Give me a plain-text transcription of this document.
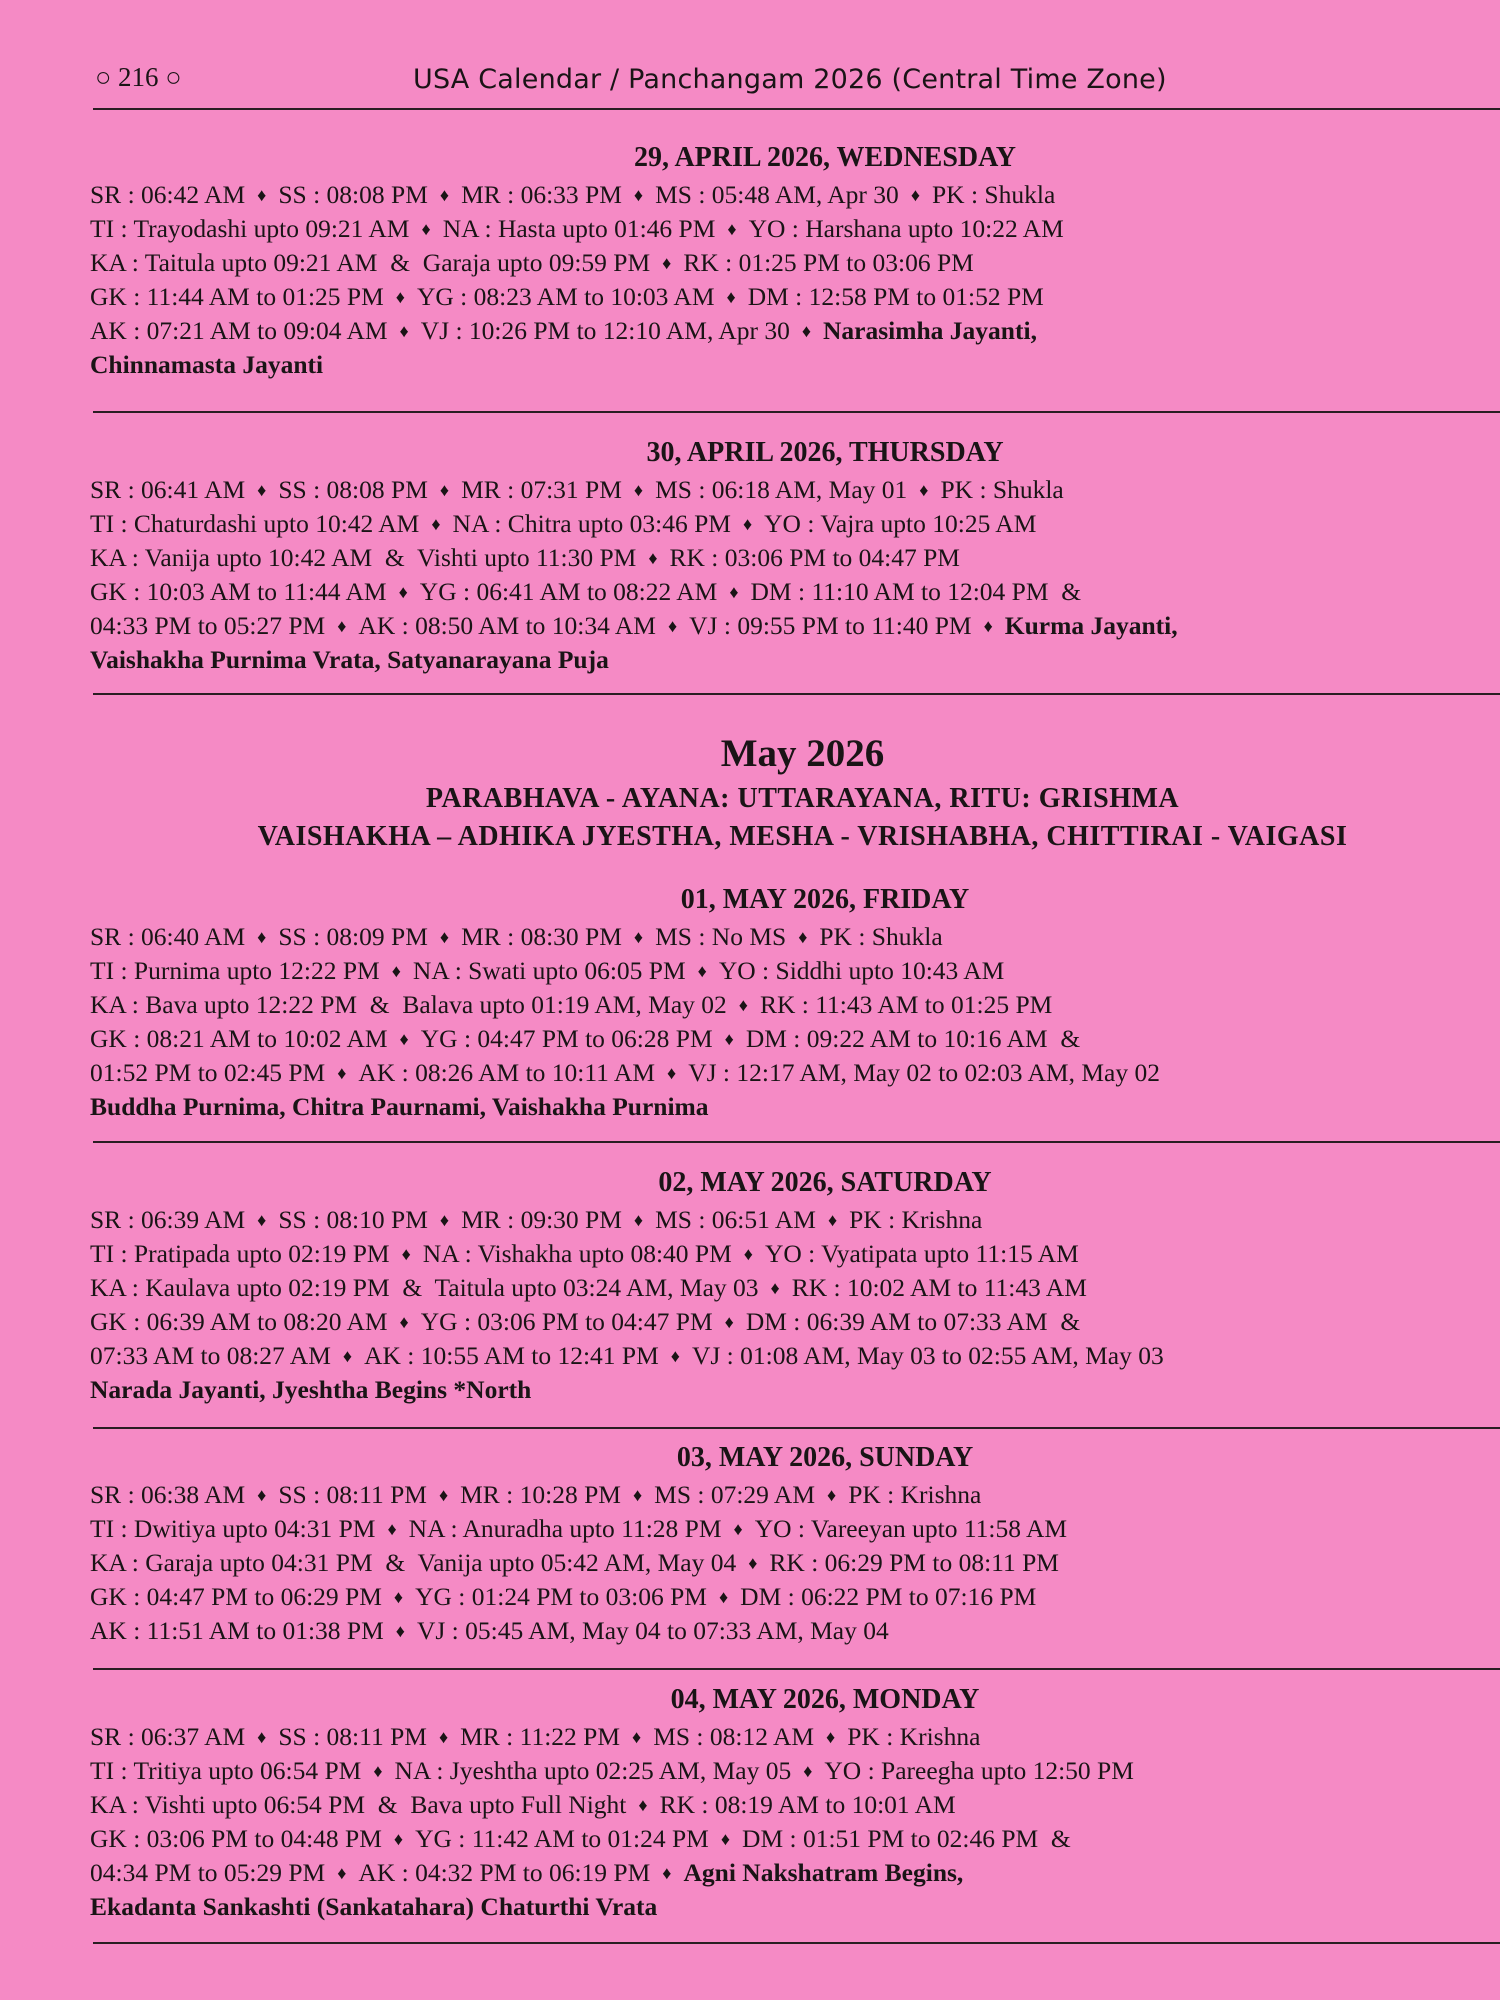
○ 216 ○	USA Calendar / Panchangam 2026 (Central Time Zone)
29, APRIL 2026, WEDNESDAY
SR : 06:42 AM ♦ SS : 08:08 PM ♦ MR : 06:33 PM ♦ MS : 05:48 AM, Apr 30 ♦ PK : Shukla
TI : Trayodashi upto 09:21 AM ♦ NA : Hasta upto 01:46 PM ♦ YO : Harshana upto 10:22 AM
KA : Taitula upto 09:21 AM  &  Garaja upto 09:59 PM ♦ RK : 01:25 PM to 03:06 PM
GK : 11:44 AM to 01:25 PM ♦ YG : 08:23 AM to 10:03 AM ♦ DM : 12:58 PM to 01:52 PM
AK : 07:21 AM to 09:04 AM ♦ VJ : 10:26 PM to 12:10 AM, Apr 30 ♦ Narasimha Jayanti,
Chinnamasta Jayanti
30, APRIL 2026, THURSDAY
SR : 06:41 AM ♦ SS : 08:08 PM ♦ MR : 07:31 PM ♦ MS : 06:18 AM, May 01 ♦ PK : Shukla
TI : Chaturdashi upto 10:42 AM ♦ NA : Chitra upto 03:46 PM ♦ YO : Vajra upto 10:25 AM
KA : Vanija upto 10:42 AM  &  Vishti upto 11:30 PM ♦ RK : 03:06 PM to 04:47 PM
GK : 10:03 AM to 11:44 AM ♦ YG : 06:41 AM to 08:22 AM ♦ DM : 11:10 AM to 12:04 PM  &
04:33 PM to 05:27 PM ♦ AK : 08:50 AM to 10:34 AM ♦ VJ : 09:55 PM to 11:40 PM ♦ Kurma Jayanti,
Vaishakha Purnima Vrata, Satyanarayana Puja
May 2026
PARABHAVA - AYANA: UTTARAYANA, RITU: GRISHMA
VAISHAKHA – ADHIKA JYESTHA, MESHA - VRISHABHA, CHITTIRAI - VAIGASI
01, MAY 2026, FRIDAY
SR : 06:40 AM ♦ SS : 08:09 PM ♦ MR : 08:30 PM ♦ MS : No MS ♦ PK : Shukla
TI : Purnima upto 12:22 PM ♦ NA : Swati upto 06:05 PM ♦ YO : Siddhi upto 10:43 AM
KA : Bava upto 12:22 PM  &  Balava upto 01:19 AM, May 02 ♦ RK : 11:43 AM to 01:25 PM
GK : 08:21 AM to 10:02 AM ♦ YG : 04:47 PM to 06:28 PM ♦ DM : 09:22 AM to 10:16 AM  &
01:52 PM to 02:45 PM ♦ AK : 08:26 AM to 10:11 AM ♦ VJ : 12:17 AM, May 02 to 02:03 AM, May 02
Buddha Purnima, Chitra Paurnami, Vaishakha Purnima
02, MAY 2026, SATURDAY
SR : 06:39 AM ♦ SS : 08:10 PM ♦ MR : 09:30 PM ♦ MS : 06:51 AM ♦ PK : Krishna
TI : Pratipada upto 02:19 PM ♦ NA : Vishakha upto 08:40 PM ♦ YO : Vyatipata upto 11:15 AM
KA : Kaulava upto 02:19 PM  &  Taitula upto 03:24 AM, May 03 ♦ RK : 10:02 AM to 11:43 AM
GK : 06:39 AM to 08:20 AM ♦ YG : 03:06 PM to 04:47 PM ♦ DM : 06:39 AM to 07:33 AM  &
07:33 AM to 08:27 AM ♦ AK : 10:55 AM to 12:41 PM ♦ VJ : 01:08 AM, May 03 to 02:55 AM, May 03
Narada Jayanti, Jyeshtha Begins *North
03, MAY 2026, SUNDAY
SR : 06:38 AM ♦ SS : 08:11 PM ♦ MR : 10:28 PM ♦ MS : 07:29 AM ♦ PK : Krishna
TI : Dwitiya upto 04:31 PM ♦ NA : Anuradha upto 11:28 PM ♦ YO : Vareeyan upto 11:58 AM
KA : Garaja upto 04:31 PM  &  Vanija upto 05:42 AM, May 04 ♦ RK : 06:29 PM to 08:11 PM
GK : 04:47 PM to 06:29 PM ♦ YG : 01:24 PM to 03:06 PM ♦ DM : 06:22 PM to 07:16 PM
AK : 11:51 AM to 01:38 PM ♦ VJ : 05:45 AM, May 04 to 07:33 AM, May 04
04, MAY 2026, MONDAY
SR : 06:37 AM ♦ SS : 08:11 PM ♦ MR : 11:22 PM ♦ MS : 08:12 AM ♦ PK : Krishna
TI : Tritiya upto 06:54 PM ♦ NA : Jyeshtha upto 02:25 AM, May 05 ♦ YO : Pareegha upto 12:50 PM
KA : Vishti upto 06:54 PM  &  Bava upto Full Night ♦ RK : 08:19 AM to 10:01 AM
GK : 03:06 PM to 04:48 PM ♦ YG : 11:42 AM to 01:24 PM ♦ DM : 01:51 PM to 02:46 PM  &
04:34 PM to 05:29 PM ♦ AK : 04:32 PM to 06:19 PM ♦ Agni Nakshatram Begins,
Ekadanta Sankashti (Sankatahara) Chaturthi Vrata
